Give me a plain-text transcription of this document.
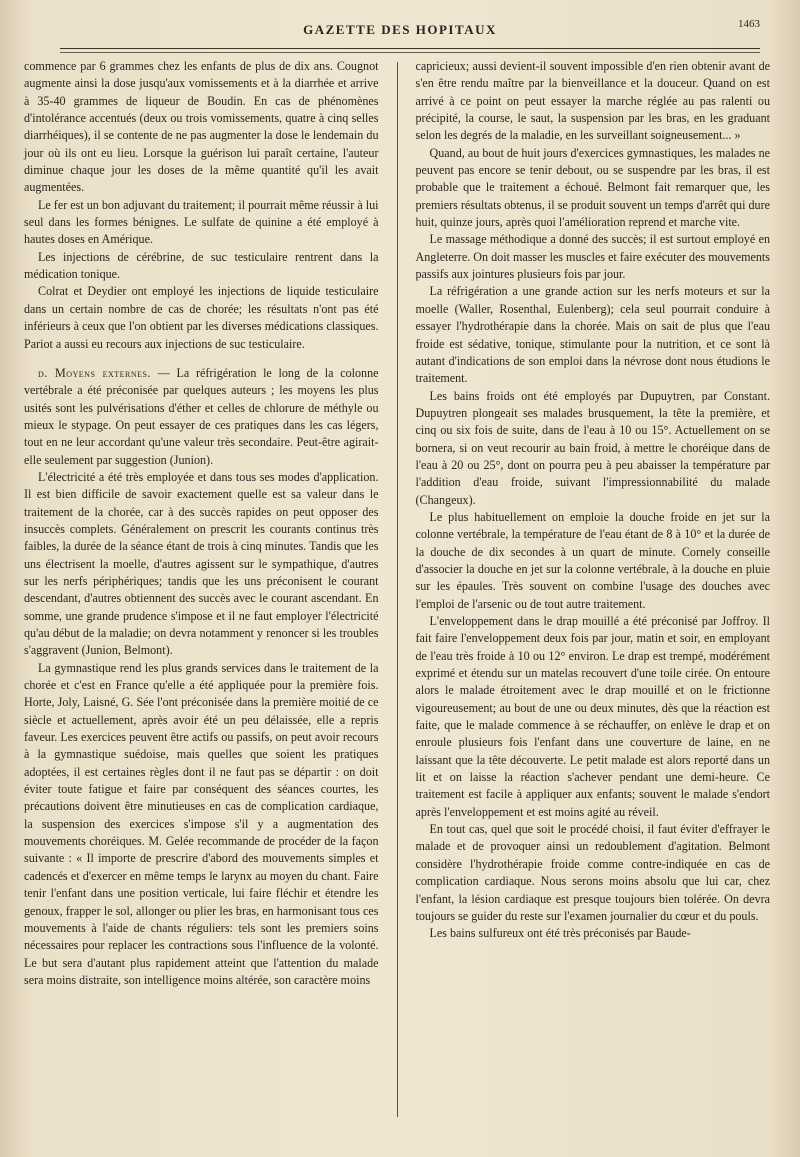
GAZETTE DES HOPITAUX	1463

commence par 6 grammes chez les enfants de plus de dix ans. Cougnot augmente ainsi la dose jusqu'aux vomissements et à la diarrhée et arrive à 35-40 grammes de liqueur de Boudin. En cas de phénomènes d'intolérance accentués (deux ou trois vomissements, quatre à cinq selles diarrhéiques), il se contente de ne pas augmenter la dose le lendemain du jour où ils ont eu lieu. Lorsque la guérison lui paraît certaine, l'auteur diminue chaque jour les doses de la même quantité qu'il les avait augmentées.

Le fer est un bon adjuvant du traitement; il pourrait même réussir à lui seul dans les formes bénignes. Le sulfate de quinine a été employé à hautes doses en Amérique.

Les injections de cérébrine, de suc testiculaire rentrent dans la médication tonique.

Colrat et Deydier ont employé les injections de liquide testiculaire dans un certain nombre de cas de chorée; les résultats n'ont pas été inférieurs à ceux que l'on obtient par les diverses médications classiques. Pariot a aussi eu recours aux injections de suc testiculaire.

d. Moyens externes. — La réfrigération le long de la colonne vertébrale a été préconisée par quelques auteurs ; les moyens les plus usités sont les pulvérisations d'éther et celles de chlorure de méthyle ou mieux le stypage. On peut essayer de ces pratiques dans les cas légers, tout en ne leur accordant qu'une valeur très secondaire. Peut-être agirait-elle seulement par suggestion (Junion).

L'électricité a été très employée et dans tous ses modes d'application. Il est bien difficile de savoir exactement quelle est sa valeur dans le traitement de la chorée, car à des succès rapides on peut opposer des insuccès complets. Généralement on prescrit les courants continus très faibles, la durée de la séance étant de trois à cinq minutes. Tandis que les uns électrisent la moelle, d'autres agissent sur le sympathique, d'autres sur les nerfs périphériques; tandis que les uns préconisent le courant descendant, d'autres obtiennent des succès avec le courant ascendant. En somme, une grande prudence s'impose et il ne faut employer l'électricité qu'au début de la maladie; on devra notamment y renoncer si les troubles s'aggravent (Junion, Belmont).

La gymnastique rend les plus grands services dans le traitement de la chorée et c'est en France qu'elle a été appliquée pour la première fois. Horte, Joly, Laisné, G. Sée l'ont préconisée dans la première moitié de ce siècle et actuellement, après avoir été un peu délaissée, elle a repris faveur. Les exercices peuvent être actifs ou passifs, on peut avoir recours à la gymnastique suédoise, mais quelles que soient les pratiques adoptées, il est certaines règles dont il ne faut pas se départir : on doit éviter toute fatigue et faire par conséquent des séances courtes, les précautions doivent être minutieuses en cas de complication cardiaque, la suspension des exercices s'impose s'il y a augmentation des mouvements choréiques. M. Gelée recommande de procéder de la façon suivante : « Il importe de prescrire d'abord des mouvements simples et cadencés et d'exercer en même temps le larynx au moyen du chant. Faire tenir l'enfant dans une position verticale, lui faire fléchir et étendre les genoux, frapper le sol, allonger ou plier les bras, en harmonisant tous ces mouvements à l'aide de chants réguliers: tels sont les premiers soins nécessaires pour replacer les contractions sous l'influence de la volonté. Le but sera d'autant plus rapidement atteint que l'attention du malade sera moins distraite, son intelligence moins altérée, son caractère moins

capricieux; aussi devient-il souvent impossible d'en rien obtenir avant de s'en être rendu maître par la bienveillance et la douceur. Quand on est arrivé à ce point on peut essayer la marche réglée au pas ralenti ou précipité, la course, le saut, la suspension par les bras, en les graduant selon les degrés de la maladie, en les surveillant soigneusement... »

Quand, au bout de huit jours d'exercices gymnastiques, les malades ne peuvent pas encore se tenir debout, ou se suspendre par les bras, il est probable que le traitement a échoué. Belmont fait remarquer que, les premiers résultats obtenus, il se produit souvent un temps d'arrêt qui dure huit, quinze jours, après quoi l'amélioration reprend et marche vite.

Le massage méthodique a donné des succès; il est surtout employé en Angleterre. On doit masser les muscles et faire exécuter des mouvements passifs aux jointures plusieurs fois par jour.

La réfrigération a une grande action sur les nerfs moteurs et sur la moelle (Waller, Rosenthal, Eulenberg); cela seul pourrait conduire à essayer l'hydrothérapie dans la chorée. Mais on sait de plus que l'eau froide est sédative, tonique, stimulante pour la nutrition, et ce sont là autant d'indications de son emploi dans la névrose dont nous étudions le traitement.

Les bains froids ont été employés par Dupuytren, par Constant. Dupuytren plongeait ses malades brusquement, la tête la première, et cinq ou six fois de suite, dans de l'eau à 10 ou 15°. Actuellement on se bornera, si on veut recourir au bain froid, à mettre le choréique dans de l'eau à 20 ou 25°, dont on pourra peu à peu abaisser la température par l'addition d'eau froide, suivant l'impressionnabilité du malade (Changeux).

Le plus habituellement on emploie la douche froide en jet sur la colonne vertébrale, la température de l'eau étant de 8 à 10° et la durée de la douche de dix secondes à un quart de minute. Cornely conseille d'associer la douche en jet sur la colonne vertébrale, à la douche en pluie sur les épaules. Très souvent on combine l'usage des douches avec l'emploi de l'arsenic ou de tout autre traitement.

L'enveloppement dans le drap mouillé a été préconisé par Joffroy. Il fait faire l'enveloppement deux fois par jour, matin et soir, en employant de l'eau très froide à 10 ou 12° environ. Le drap est trempé, modérément exprimé et étendu sur un matelas recouvert d'une toile cirée. On entoure alors le malade étroitement avec le drap mouillé et on le frictionne vigoureusement; au bout de une ou deux minutes, dès que la réaction est faite, que le malade commence à se réchauffer, on enlève le drap et on enroule plusieurs fois l'enfant dans une couverture de laine, en ne laissant que la tête découverte. Le petit malade est alors reporté dans un lit et on laisse la réaction s'achever pendant une demi-heure. Ce traitement est facile à appliquer aux enfants; souvent le malade s'endort après l'enveloppement et est moins agité au réveil.

En tout cas, quel que soit le procédé choisi, il faut éviter d'effrayer le malade et de provoquer ainsi un redoublement d'agitation. Belmont considère l'hydrothérapie froide comme contre-indiquée en cas de complication cardiaque. Nous serons moins absolu que lui car, chez l'enfant, la lésion cardiaque est presque toujours bien tolérée. On devra toujours se guider du reste sur l'examen journalier du cœur et du pouls.

Les bains sulfureux ont été très préconisés par Baude-
